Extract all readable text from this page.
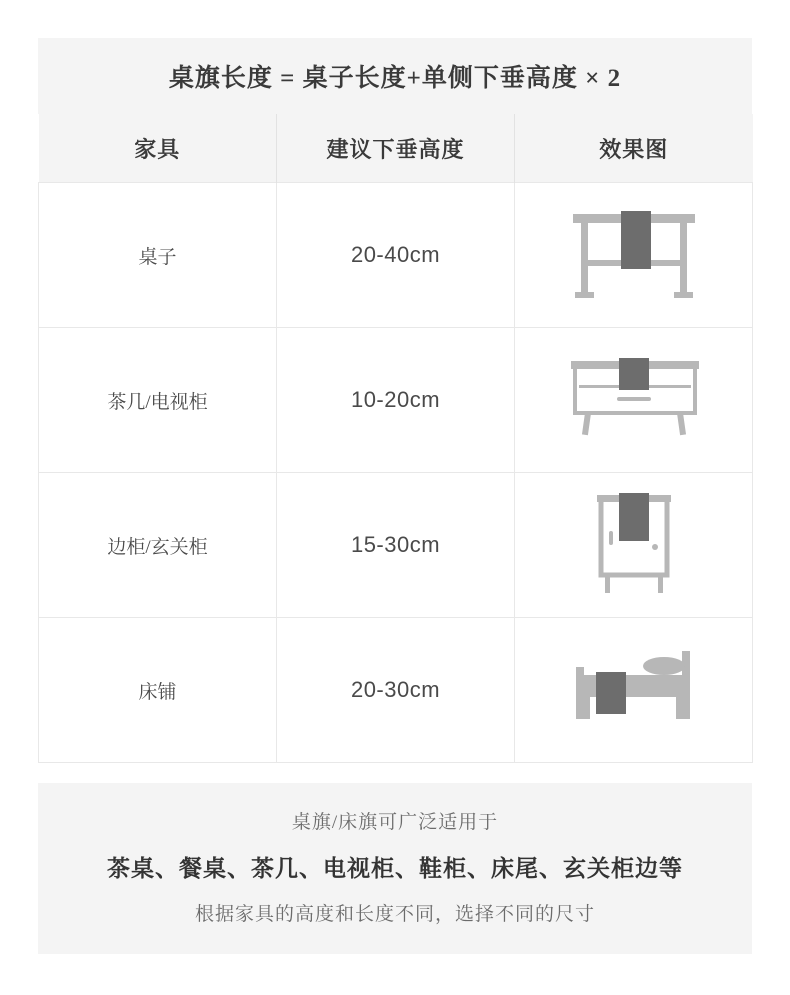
桌旗长度 = 桌子长度+单侧下垂高度 × 2
家具	建议下垂高度	效果图
桌子	20-40cm	

茶几/电视柜	10-20cm	

边柜/玄关柜	15-30cm	

床铺	20-30cm	
桌旗/床旗可广泛适用于
茶桌、餐桌、茶几、电视柜、鞋柜、床尾、玄关柜边等
根据家具的高度和长度不同，选择不同的尺寸
